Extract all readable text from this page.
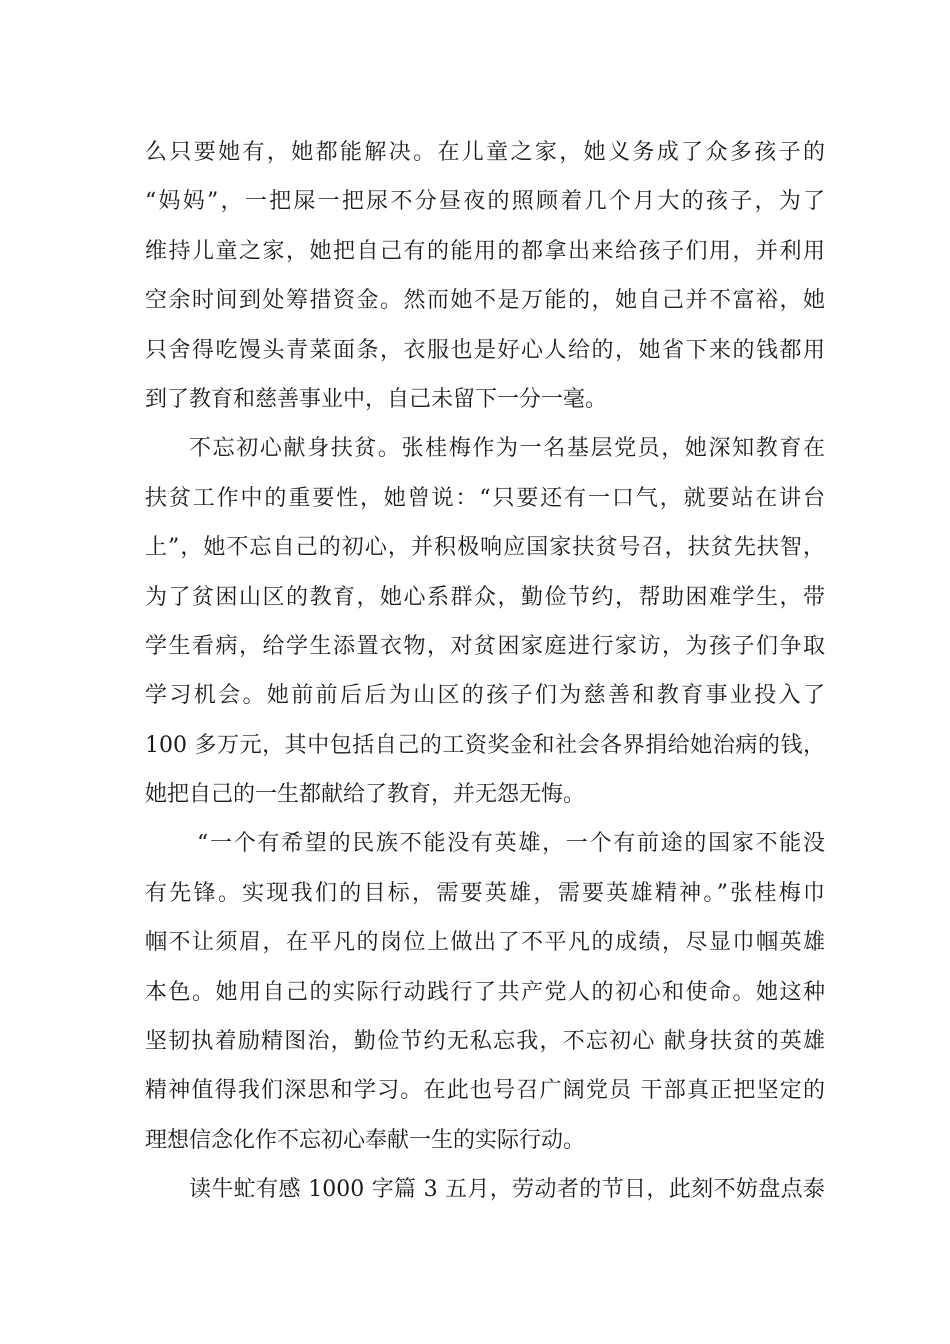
么只要她有，她都能解决。在儿童之家，她义务成了众多孩子的
“妈妈”，一把屎一把尿不分昼夜的照顾着几个月大的孩子，为了
维持儿童之家，她把自己有的能用的都拿出来给孩子们用，并利用
空余时间到处筹措资金。然而她不是万能的，她自己并不富裕，她
只舍得吃馒头青菜面条，衣服也是好心人给的，她省下来的钱都用
到了教育和慈善事业中，自己未留下一分一毫。
不忘初心献身扶贫。张桂梅作为一名基层党员，她深知教育在
扶贫工作中的重要性，她曾说：“只要还有一口气，就要站在讲台
上”，她不忘自己的初心，并积极响应国家扶贫号召，扶贫先扶智，
为了贫困山区的教育，她心系群众，勤俭节约，帮助困难学生，带
学生看病，给学生添置衣物，对贫困家庭进行家访，为孩子们争取
学习机会。她前前后后为山区的孩子们为慈善和教育事业投入了
100 多万元，其中包括自己的工资奖金和社会各界捐给她治病的钱，
她把自己的一生都献给了教育，并无怨无悔。
“一个有希望的民族不能没有英雄，一个有前途的国家不能没
有先锋。实现我们的目标，需要英雄，需要英雄精神。”张桂梅巾
帼不让须眉，在平凡的岗位上做出了不平凡的成绩，尽显巾帼英雄
本色。她用自己的实际行动践行了共产党人的初心和使命。她这种
坚韧执着励精图治，勤俭节约无私忘我，不忘初心 献身扶贫的英雄
精神值得我们深思和学习。在此也号召广阔党员 干部真正把坚定的
理想信念化作不忘初心奉献一生的实际行动。
读牛虻有感 1000 字篇 3 五月，劳动者的节日，此刻不妨盘点泰
